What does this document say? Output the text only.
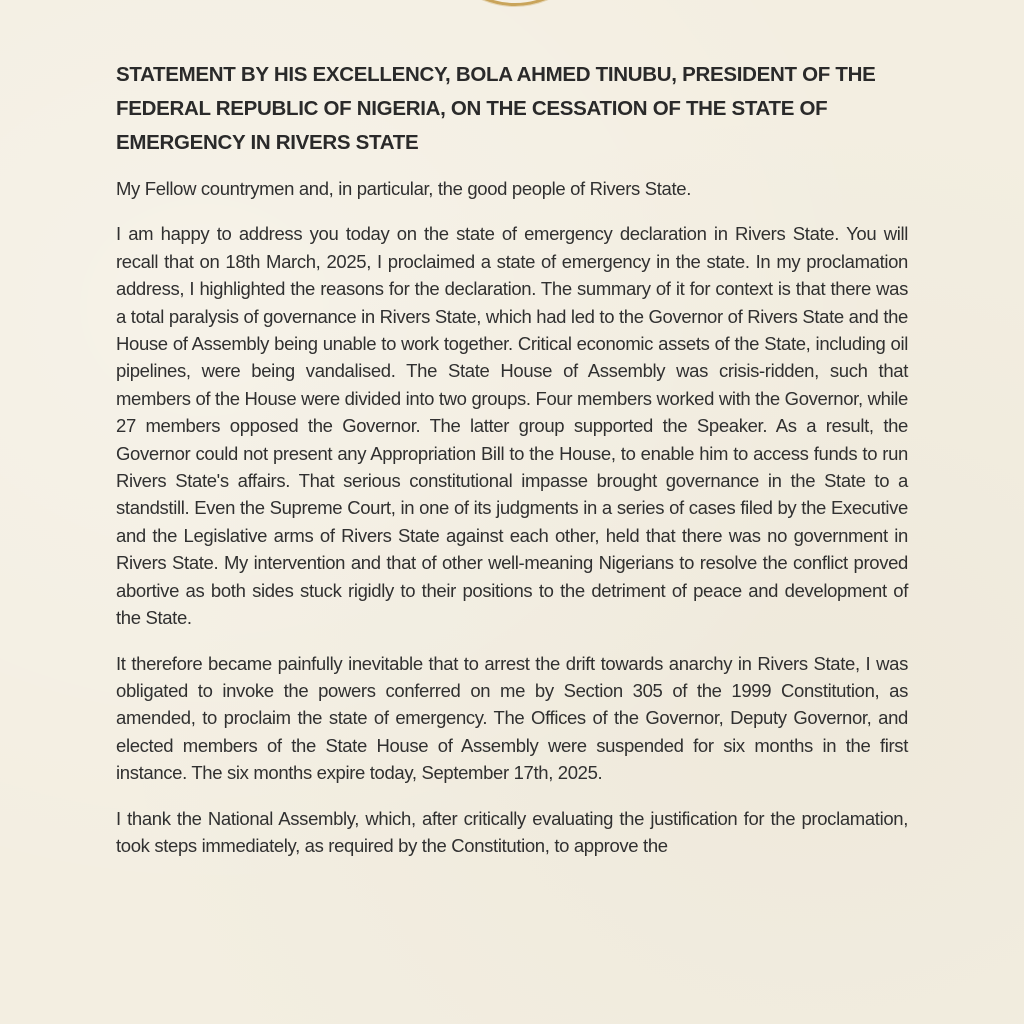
STATEMENT BY HIS EXCELLENCY, BOLA AHMED TINUBU, PRESIDENT OF THE FEDERAL REPUBLIC OF NIGERIA, ON THE CESSATION OF THE STATE OF EMERGENCY IN RIVERS STATE

My Fellow countrymen and, in particular, the good people of Rivers State.

I am happy to address you today on the state of emergency declaration in Rivers State. You will recall that on 18th March, 2025, I proclaimed a state of emergency in the state. In my proclamation address, I highlighted the reasons for the declaration. The summary of it for context is that there was a total paralysis of governance in Rivers State, which had led to the Governor of Rivers State and the House of Assembly being unable to work together. Critical economic assets of the State, including oil pipelines, were being vandalised. The State House of Assembly was crisis-ridden, such that members of the House were divided into two groups. Four members worked with the Governor, while 27 members opposed the Governor. The latter group supported the Speaker. As a result, the Governor could not present any Appropriation Bill to the House, to enable him to access funds to run Rivers State's affairs. That serious constitutional impasse brought governance in the State to a standstill. Even the Supreme Court, in one of its judgments in a series of cases filed by the Executive and the Legislative arms of Rivers State against each other, held that there was no government in Rivers State. My intervention and that of other well-meaning Nigerians to resolve the conflict proved abortive as both sides stuck rigidly to their positions to the detriment of peace and development of the State.

It therefore became painfully inevitable that to arrest the drift towards anarchy in Rivers State, I was obligated to invoke the powers conferred on me by Section 305 of the 1999 Constitution, as amended, to proclaim the state of emergency. The Offices of the Governor, Deputy Governor, and elected members of the State House of Assembly were suspended for six months in the first instance. The six months expire today, September 17th, 2025.

I thank the National Assembly, which, after critically evaluating the justification for the proclamation, took steps immediately, as required by the Constitution, to approve the
